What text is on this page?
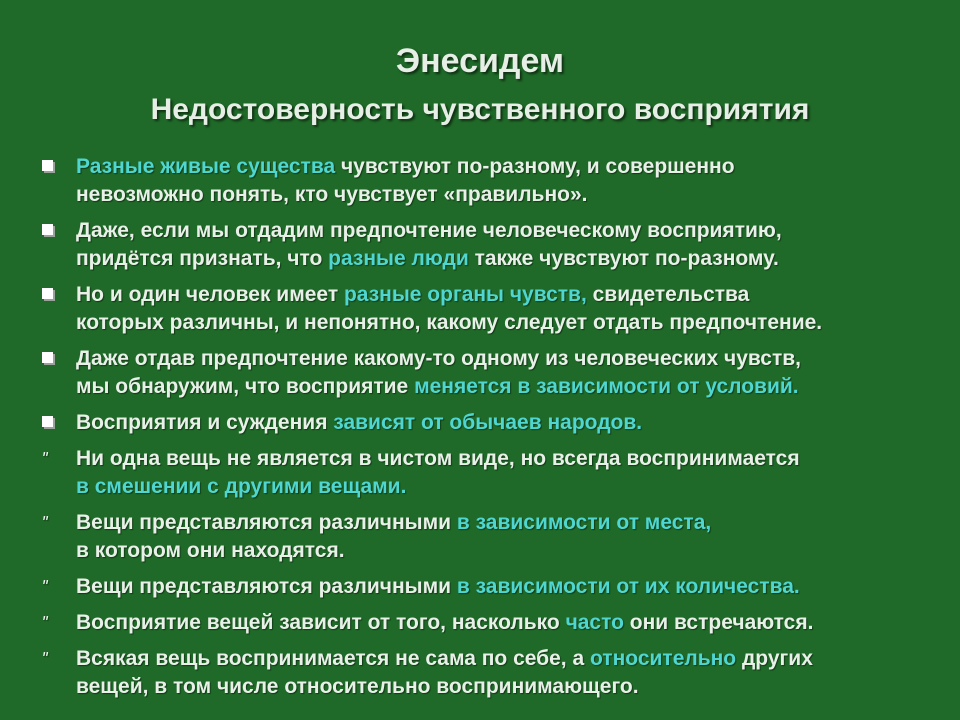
Энесидем
Недостоверность чувственного восприятия
Разные живые существа чувствуют по-разному, и совершенно
невозможно понять, кто чувствует «правильно».
Даже, если мы отдадим предпочтение человеческому восприятию,
придётся признать, что разные люди также чувствуют по-разному.
Но и один человек имеет разные органы чувств, свидетельства
которых различны, и непонятно, какому следует отдать предпочтение.
Даже отдав предпочтение какому-то одному из человеческих чувств,
мы обнаружим, что восприятие меняется в зависимости от условий.
Восприятия и суждения зависят от обычаев народов.
ʺ Ни одна вещь не является в чистом виде, но всегда воспринимается
в смешении с другими вещами.
ʺ Вещи представляются различными в зависимости от места,
в котором они находятся.
ʺ Вещи представляются различными в зависимости от их количества.
ʺ Восприятие вещей зависит от того, насколько часто они встречаются.
ʺ Всякая вещь воспринимается не сама по себе, а относительно других
вещей, в том числе относительно воспринимающего.
